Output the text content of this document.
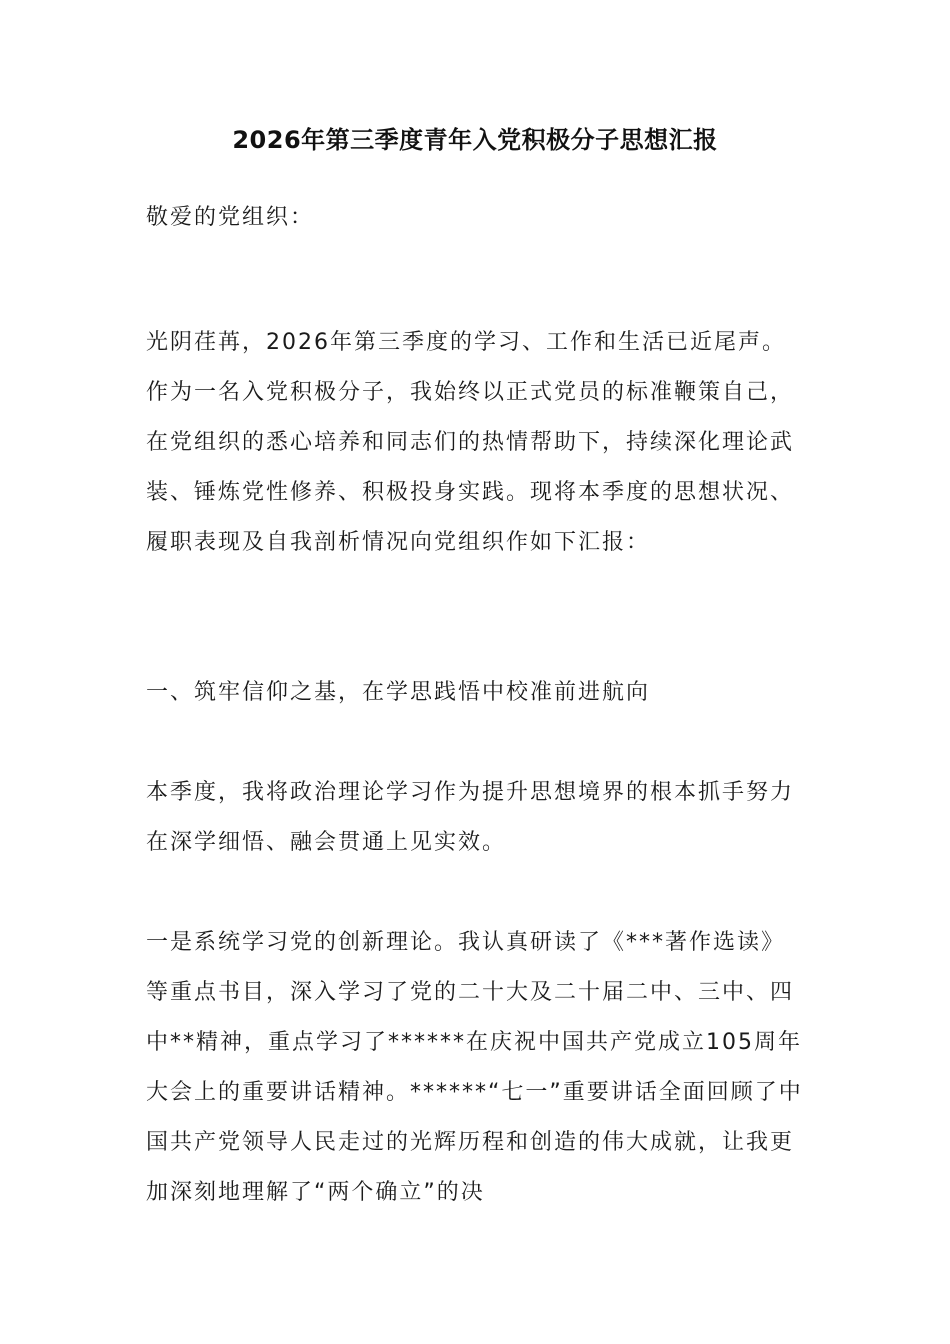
2026年第三季度青年入党积极分子思想汇报

敬爱的党组织：

光阴荏苒，2026年第三季度的学习、工作和生活已近尾声。作为一名入党积极分子，我始终以正式党员的标准鞭策自己，在党组织的悉心培养和同志们的热情帮助下，持续深化理论武装、锤炼党性修养、积极投身实践。现将本季度的思想状况、履职表现及自我剖析情况向党组织作如下汇报：

一、筑牢信仰之基，在学思践悟中校准前进航向

本季度，我将政治理论学习作为提升思想境界的根本抓手努力在深学细悟、融会贯通上见实效。

一是系统学习党的创新理论。我认真研读了《***著作选读》等重点书目，深入学习了党的二十大及二十届二中、三中、四中**精神，重点学习了******在庆祝中国共产党成立105周年大会上的重要讲话精神。******“七一”重要讲话全面回顾了中国共产党领导人民走过的光辉历程和创造的伟大成就，让我更加深刻地理解了“两个确立”的决
